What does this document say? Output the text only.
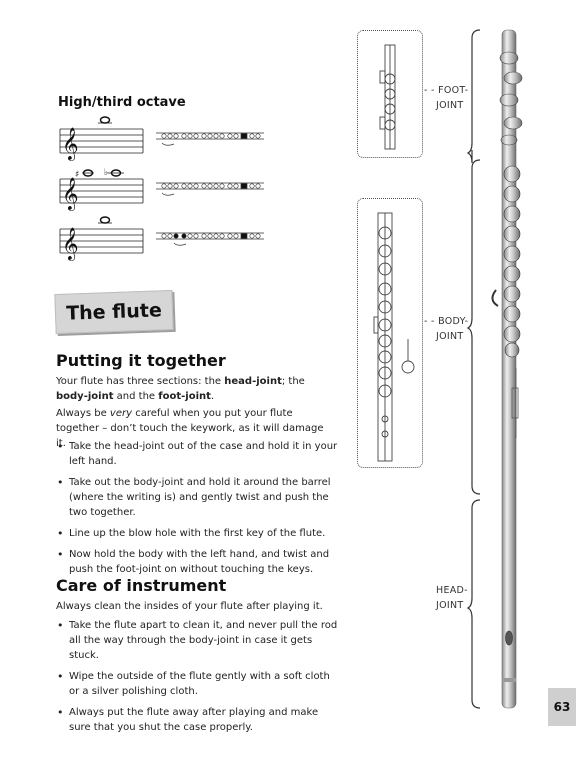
High/third octave
𝄞
𝄞
♯	♭
𝄞
The flute
Putting it together

Your flute has three sections: the head-joint; the body-joint and the foot-joint.

Always be very careful when you put your flute together – don’t touch the keywork, as it will damage it.

• Take the head-joint out of the case and hold it in your left hand.
• Take out the body-joint and hold it around the barrel (where the writing is) and gently twist and push the two together.
• Line up the blow hole with the first key of the flute.
• Now hold the body with the left hand, and twist and push the foot-joint on without touching the keys.
Care of instrument

Always clean the insides of your flute after playing it.

• Take the flute apart to clean it, and never pull the rod all the way through the body-joint in case it gets stuck.
• Wipe the outside of the flute gently with a soft cloth or a silver polishing cloth.
• Always put the flute away after playing and make sure that you shut the case properly.
- - FOOT-
JOINT
- - BODY-
JOINT
HEAD-
JOINT
63
